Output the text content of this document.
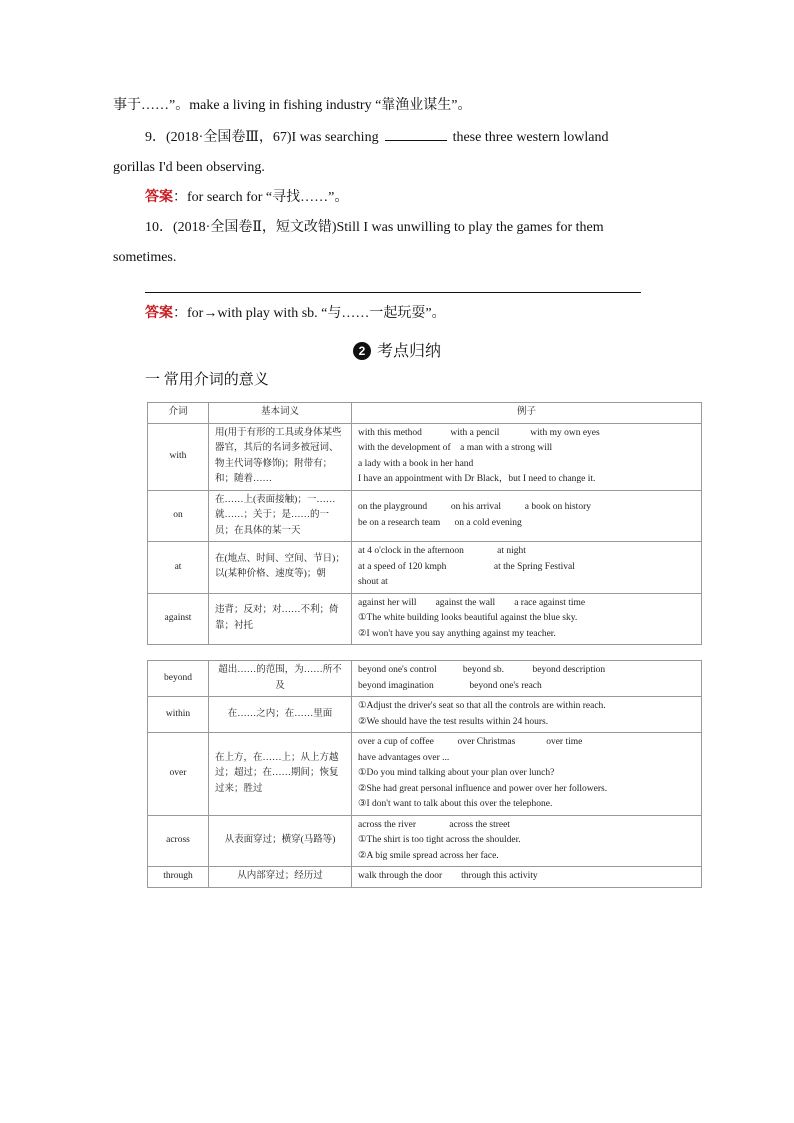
事于……”。make a living in fishing industry “靠渔业谋生”。
9．(2018·全国卷Ⅲ，67)I was searching	these three western lowland
gorillas I'd been observing.
答案：for search for “寻找……”。
10．(2018·全国卷Ⅱ，短文改错)Still I was unwilling to play the games for them
sometimes.
答案：for→with play with sb. “与……一起玩耍”。
2 考点归纳
一 常用介词的意义
介词	基本词义	例子
with	用(用于有形的工具或身体某些器官，其后的名词多被冠词、物主代词等修饰)；附带有；和；随着……	with this method            with a pencil             with my own eyes
with the development of    a man with a strong will
a lady with a book in her hand
I have an appointment with Dr Black，but I need to change it.

on	在……上(表面接触)；一……就……；关于；是……的一员；在具体的某一天	on the playground          on his arrival          a book on history
be on a research team      on a cold evening

at	在(地点、时间、空间、节日)；以(某种价格、速度等)；朝	at 4 o'clock in the afternoon              at night
at a speed of 120 kmph                    at the Spring Festival
shout at

against	违背；反对；对……不利；倚靠；衬托	against her will        against the wall        a race against time
①The white building looks beautiful against the blue sky.
②I won't have you say anything against my teacher.
beyond	超出……的范围，为……所不及	beyond one's control           beyond sb.            beyond description
beyond imagination               beyond one's reach

within	在……之内；在……里面	①Adjust the driver's seat so that all the controls are within reach.
②We should have the test results within 24 hours.

over	在上方，在……上；从上方越过；超过；在……期间；恢复过来；胜过	over a cup of coffee          over Christmas             over time
have advantages over ...
①Do you mind talking about your plan over lunch?
②She had great personal influence and power over her followers.
③I don't want to talk about this over the telephone.

across	从表面穿过；横穿(马路等)	across the river              across the street
①The shirt is too tight across the shoulder.
②A big smile spread across her face.

through	从内部穿过；经历过	walk through the door        through this activity
